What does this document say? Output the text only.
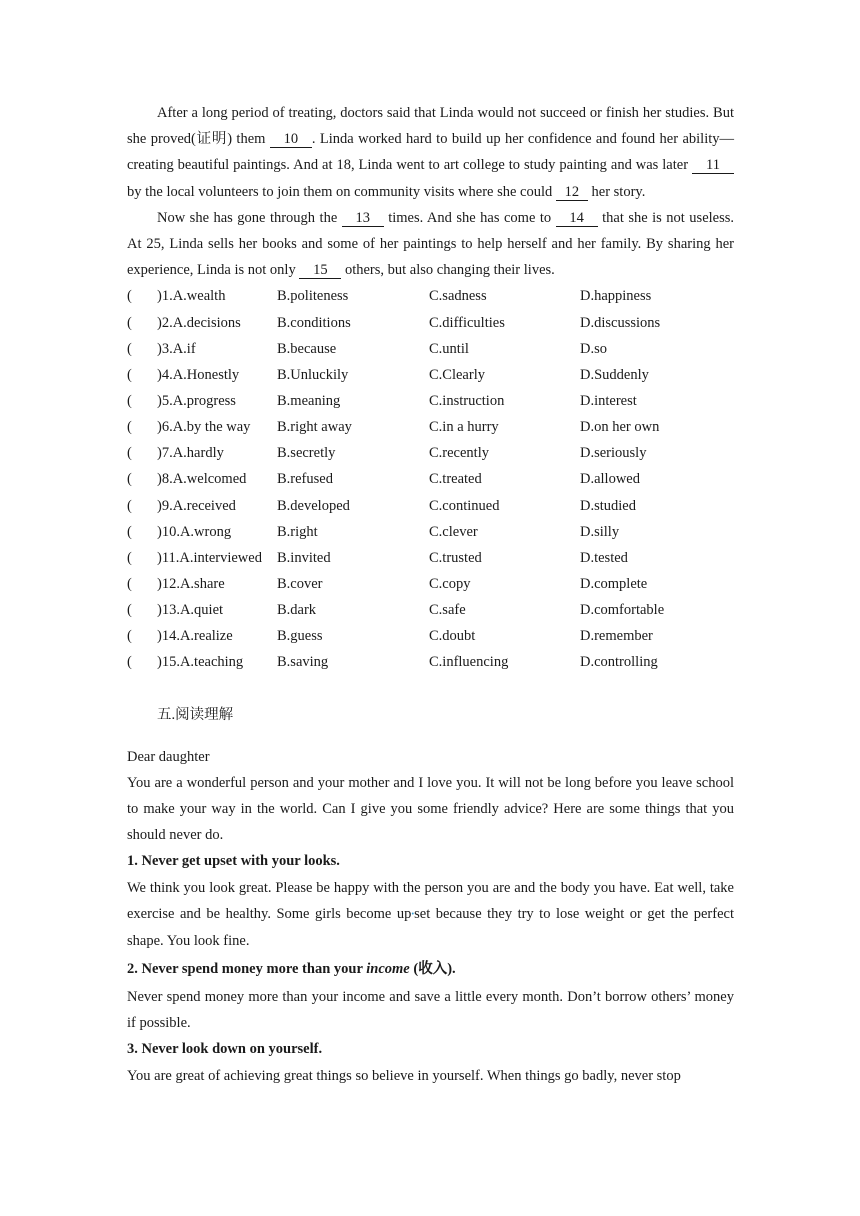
After a long period of treating, doctors said that Linda would not succeed or finish her studies. But she proved(证明) them 10 . Linda worked hard to build up her confidence and found her ability—creating beautiful paintings. And at 18, Linda went to art college to study painting and was later 11 by the local volunteers to join them on community visits where she could 12 her story.

Now she has gone through the 13 times. And she has come to 14 that she is not useless. At 25, Linda sells her books and some of her paintings to help herself and her family. By sharing her experience, Linda is not only 15 others, but also changing their lives.

( )1.A.wealth	B.politeness	C.sadness	D.happiness
( )2.A.decisions	B.conditions	C.difficulties	D.discussions
( )3.A.if	B.because	C.until	D.so
( )4.A.Honestly	B.Unluckily	C.Clearly	D.Suddenly
( )5.A.progress	B.meaning	C.instruction	D.interest
( )6.A.by the way	B.right away	C.in a hurry	D.on her own
( )7.A.hardly	B.secretly	C.recently	D.seriously
( )8.A.welcomed	B.refused	C.treated	D.allowed
( )9.A.received	B.developed	C.continued	D.studied
( )10.A.wrong	B.right	C.clever	D.silly
( )11.A.interviewed	B.invited	C.trusted	D.tested
( )12.A.share	B.cover	C.copy	D.complete
( )13.A.quiet	B.dark	C.safe	D.comfortable
( )14.A.realize	B.guess	C.doubt	D.remember
( )15.A.teaching	B.saving	C.influencing	D.controlling

五.阅读理解

Dear daughter

You are a wonderful person and your mother and I love you. It will not be long before you leave school to make your way in the world. Can I give you some friendly advice? Here are some things that you should never do.

1. Never get upset with your looks.

We think you look great. Please be happy with the person you are and the body you have. Eat well, take exercise and be healthy. Some girls become up•set because they try to lose weight or get the perfect shape. You look fine.

2. Never spend money more than your income (收入).

Never spend money more than your income and save a little every month. Don’t borrow others’ money if possible.

3. Never look down on yourself.

You are great of achieving great things so believe in yourself. When things go badly, never stop
